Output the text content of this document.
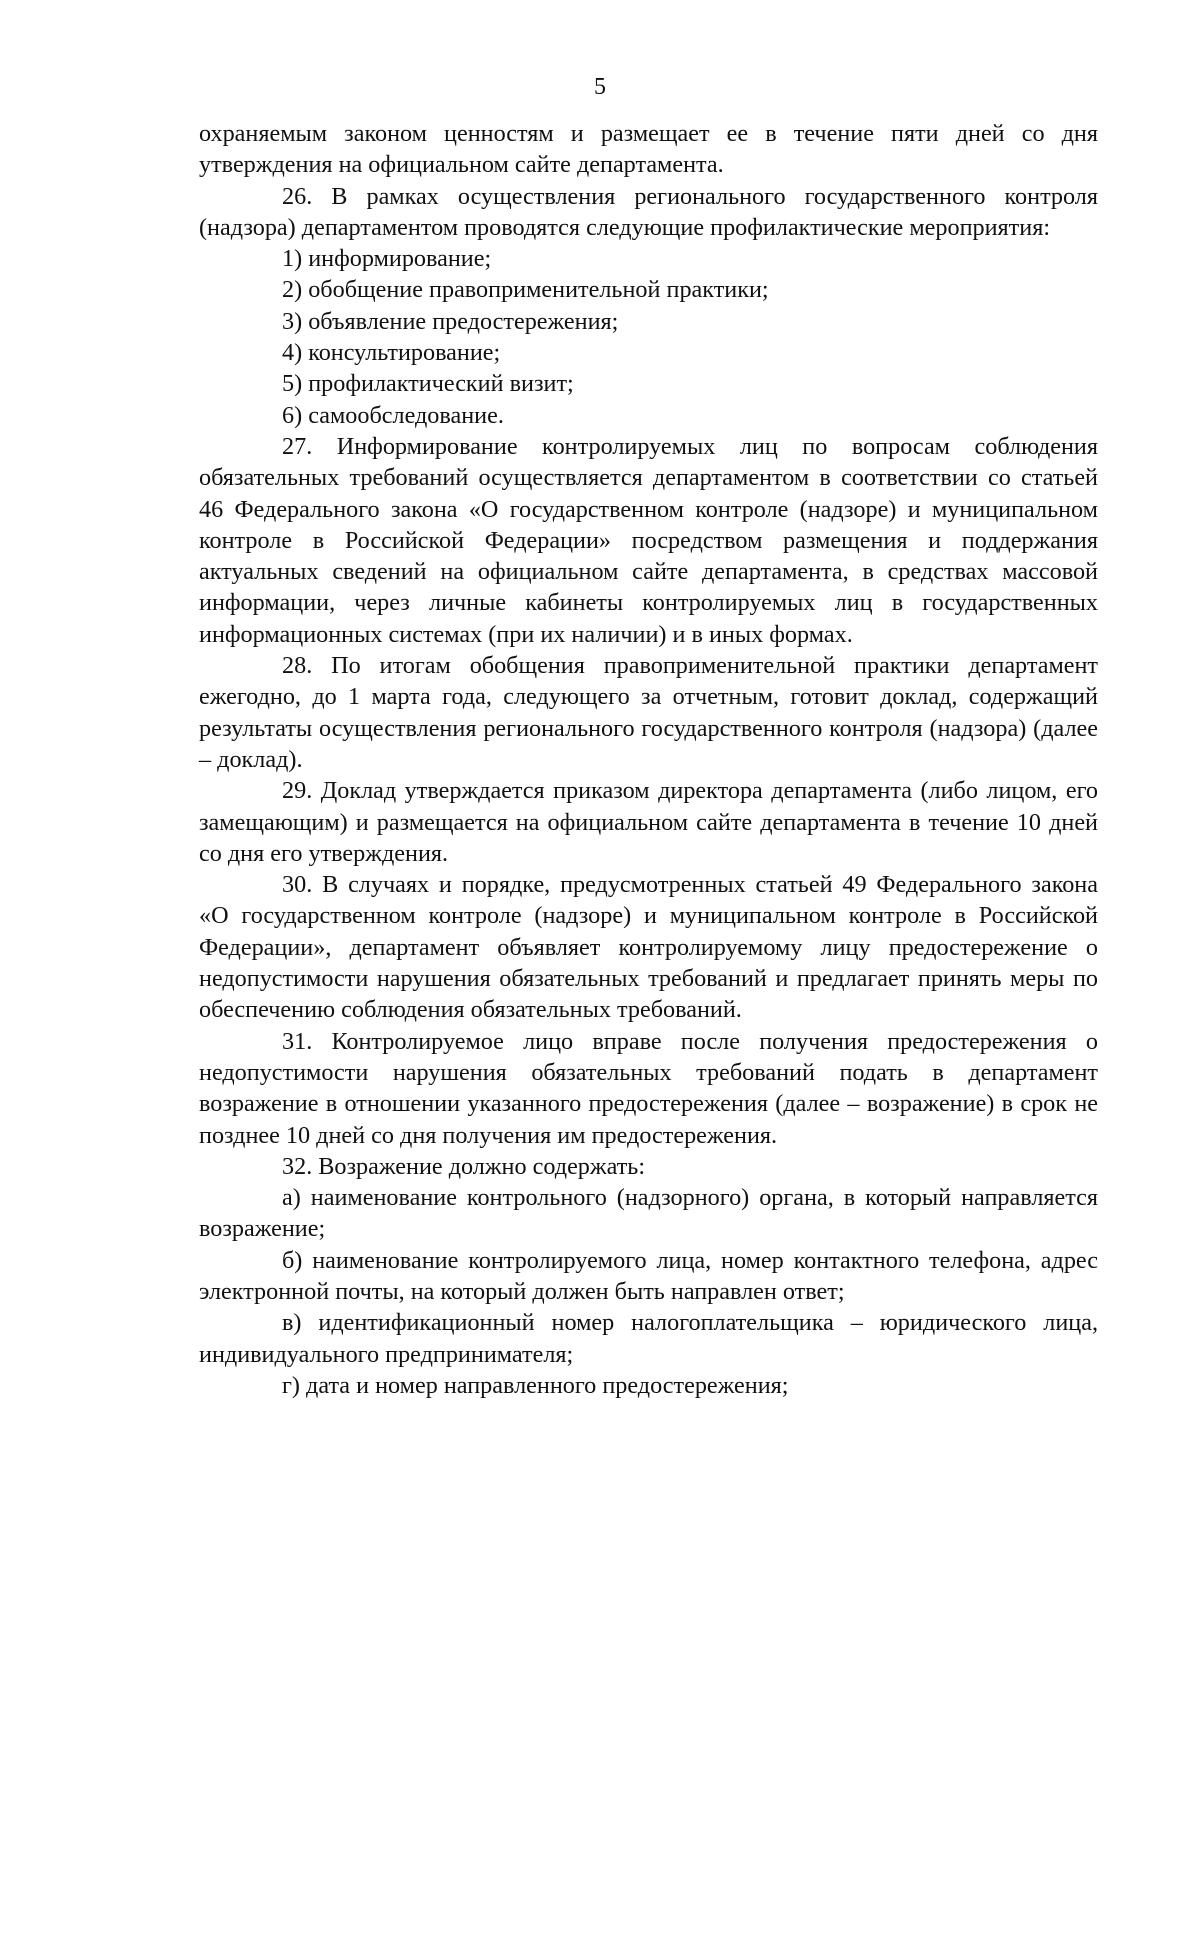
5

охраняемым законом ценностям и размещает ее в течение пяти дней со дня утверждения на официальном сайте департамента.

26. В рамках осуществления регионального государственного контроля (надзора) департаментом проводятся следующие профилактические мероприятия:

1) информирование;

2) обобщение правоприменительной практики;

3) объявление предостережения;

4) консультирование;

5) профилактический визит;

6) самообследование.

27. Информирование контролируемых лиц по вопросам соблюдения обязательных требований осуществляется департаментом в соответствии со статьей 46 Федерального закона «О государственном контроле (надзоре) и муниципальном контроле в Российской Федерации» посредством размещения и поддержания актуальных сведений на официальном сайте департамента, в средствах массовой информации, через личные кабинеты контролируемых лиц в государственных информационных системах (при их наличии) и в иных формах.

28. По итогам обобщения правоприменительной практики департамент ежегодно, до 1 марта года, следующего за отчетным, готовит доклад, содержащий результаты осуществления регионального государственного контроля (надзора) (далее – доклад).

29. Доклад утверждается приказом директора департамента (либо лицом, его замещающим) и размещается на официальном сайте департамента в течение 10 дней со дня его утверждения.

30. В случаях и порядке, предусмотренных статьей 49 Федерального закона «О государственном контроле (надзоре) и муниципальном контроле в Российской Федерации», департамент объявляет контролируемому лицу предостережение о недопустимости нарушения обязательных требований и предлагает принять меры по обеспечению соблюдения обязательных требований.

31. Контролируемое лицо вправе после получения предостережения о недопустимости нарушения обязательных требований подать в департамент возражение в отношении указанного предостережения (далее – возражение) в срок не позднее 10 дней со дня получения им предостережения.

32. Возражение должно содержать:

а) наименование контрольного (надзорного) органа, в который направляется возражение;

б) наименование контролируемого лица, номер контактного телефона, адрес электронной почты, на который должен быть направлен ответ;

в) идентификационный номер налогоплательщика – юридического лица, индивидуального предпринимателя;

г) дата и номер направленного предостережения;
